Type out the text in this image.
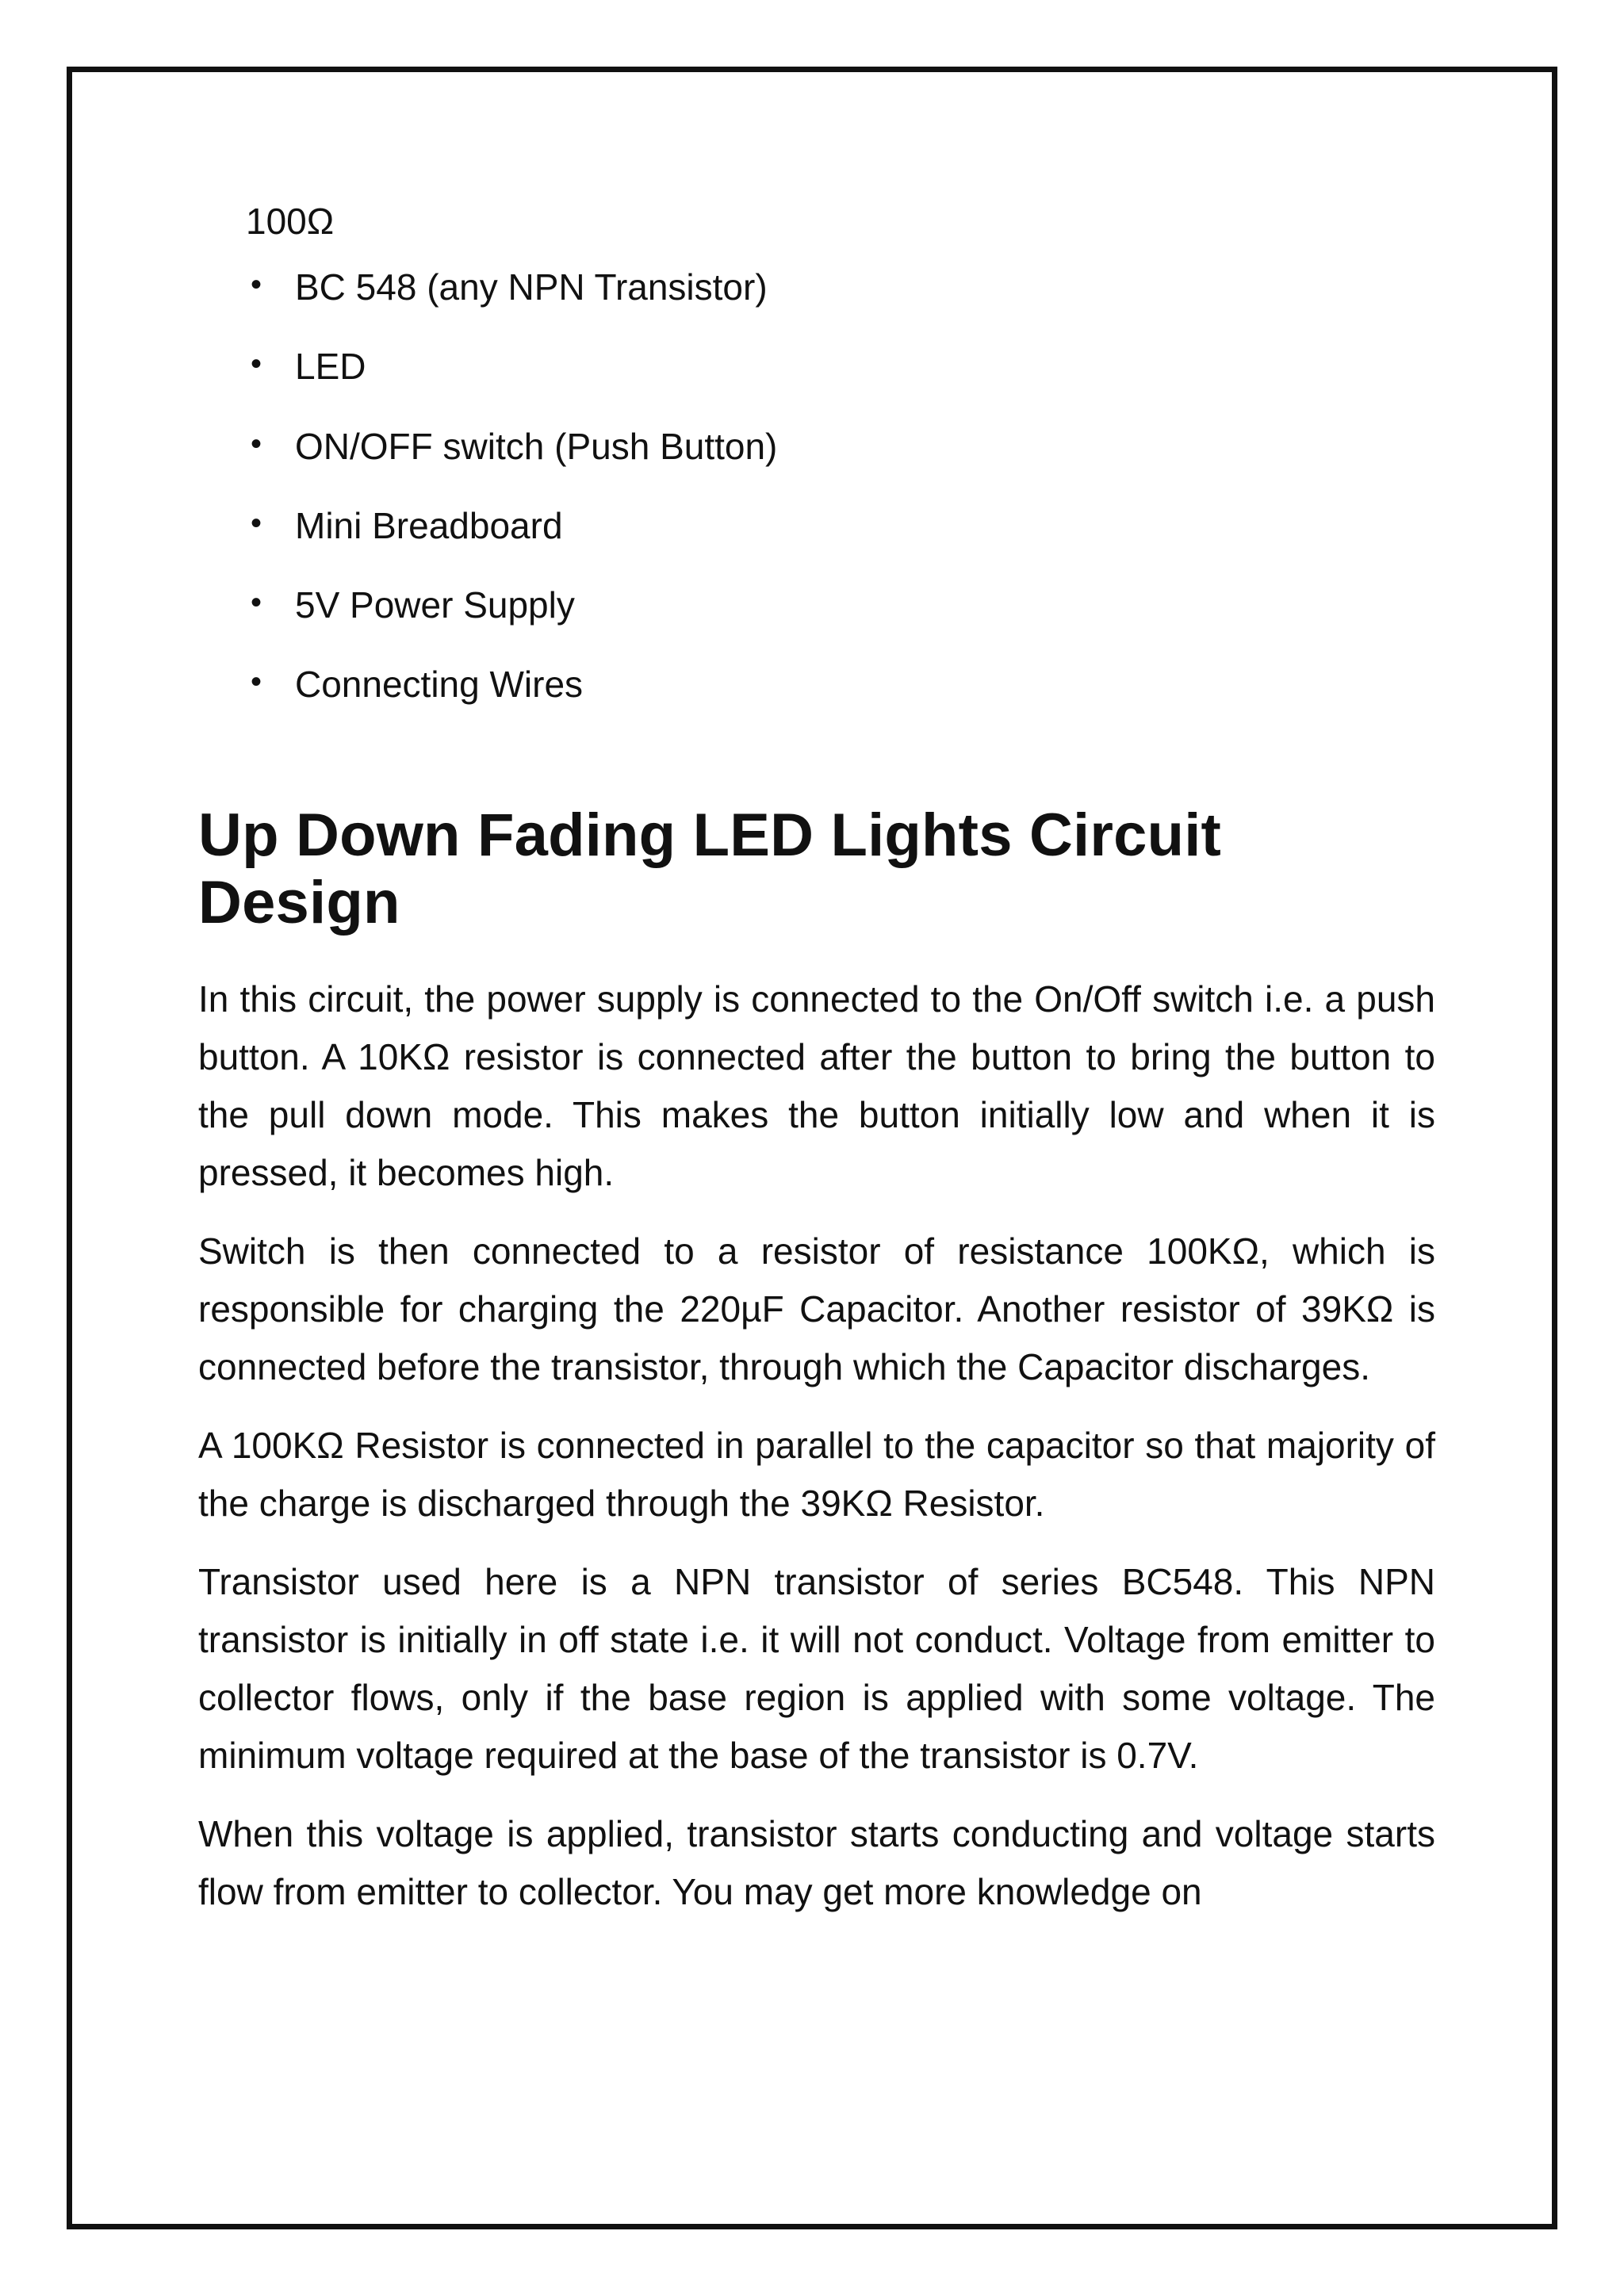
100Ω
• BC 548 (any NPN Transistor)
• LED
• ON/OFF switch (Push Button)
• Mini Breadboard
• 5V Power Supply
• Connecting Wires
Up Down Fading LED Lights Circuit Design

In this circuit, the power supply is connected to the On/Off switch i.e. a push button. A 10KΩ resistor is connected after the button to bring the button to the pull down mode. This makes the button initially low and when it is pressed, it becomes high.

Switch is then connected to a resistor of resistance 100KΩ, which is responsible for charging the 220µF Capacitor. Another resistor of 39KΩ is connected before the transistor, through which the Capacitor discharges.

A 100KΩ Resistor is connected in parallel to the capacitor so that majority of the charge is discharged through the 39KΩ Resistor.

Transistor used here is a NPN transistor of series BC548. This NPN transistor is initially in off state i.e. it will not conduct. Voltage from emitter to collector flows, only if the base region is applied with some voltage. The minimum voltage required at the base of the transistor is 0.7V.

When this voltage is applied, transistor starts conducting and voltage starts flow from emitter to collector. You may get more knowledge on
